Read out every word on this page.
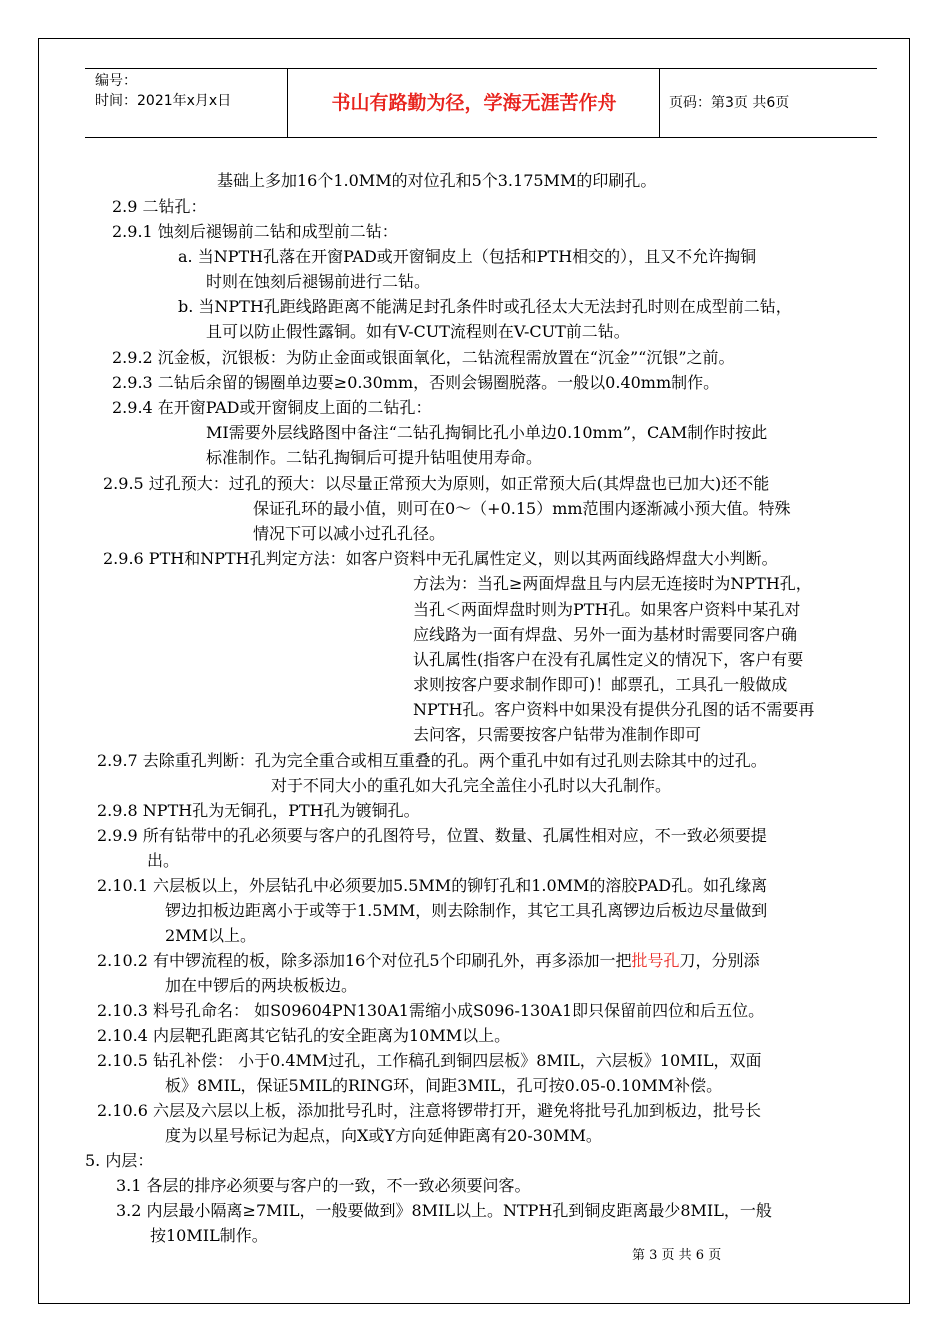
编号：
时间：2021年x月x日	书山有路勤为径，学海无涯苦作舟	页码：第3页 共6页
基础上多加16个1.0MM的对位孔和5个3.175MM的印刷孔。
2.9 二钻孔：
2.9.1 蚀刻后褪锡前二钻和成型前二钻：
a. 当NPTH孔落在开窗PAD或开窗铜皮上（包括和PTH相交的），且又不允许掏铜
时则在蚀刻后褪锡前进行二钻。
b. 当NPTH孔距线路距离不能满足封孔条件时或孔径太大无法封孔时则在成型前二钻，
且可以防止假性露铜。如有V-CUT流程则在V-CUT前二钻。
2.9.2 沉金板，沉银板：为防止金面或银面氧化，二钻流程需放置在“沉金”“沉银”之前。
2.9.3 二钻后余留的锡圈单边要≥0.30mm，否则会锡圈脱落。一般以0.40mm制作。
2.9.4 在开窗PAD或开窗铜皮上面的二钻孔：
MI需要外层线路图中备注“二钻孔掏铜比孔小单边0.10mm”，CAM制作时按此
标准制作。二钻孔掏铜后可提升钻咀使用寿命。
2.9.5 过孔预大：过孔的预大：以尽量正常预大为原则，如正常预大后(其焊盘也已加大)还不能
保证孔环的最小值，则可在0～（+0.15）mm范围内逐渐减小预大值。特殊
情况下可以减小过孔孔径。
2.9.6 PTH和NPTH孔判定方法：如客户资料中无孔属性定义，则以其两面线路焊盘大小判断。
方法为：当孔≥两面焊盘且与内层无连接时为NPTH孔，
当孔＜两面焊盘时则为PTH孔。如果客户资料中某孔对
应线路为一面有焊盘、另外一面为基材时需要同客户确
认孔属性(指客户在没有孔属性定义的情况下，客户有要
求则按客户要求制作即可)！邮票孔，工具孔一般做成
NPTH孔。客户资料中如果没有提供分孔图的话不需要再
去问客，只需要按客户钻带为准制作即可
2.9.7 去除重孔判断：孔为完全重合或相互重叠的孔。两个重孔中如有过孔则去除其中的过孔。
对于不同大小的重孔如大孔完全盖住小孔时以大孔制作。
2.9.8 NPTH孔为无铜孔，PTH孔为镀铜孔。
2.9.9 所有钻带中的孔必须要与客户的孔图符号，位置、数量、孔属性相对应，不一致必须要提
出。
2.10.1 六层板以上，外层钻孔中必须要加5.5MM的铆钉孔和1.0MM的溶胶PAD孔。如孔缘离
锣边扣板边距离小于或等于1.5MM，则去除制作，其它工具孔离锣边后板边尽量做到
2MM以上。
2.10.2 有中锣流程的板，除多添加16个对位孔5个印刷孔外，再多添加一把批号孔刀，分别添
加在中锣后的两块板板边。
2.10.3 料号孔命名： 如S09604PN130A1需缩小成S096-130A1即只保留前四位和后五位。
2.10.4 内层靶孔距离其它钻孔的安全距离为10MM以上。
2.10.5 钻孔补偿： 小于0.4MM过孔，工作稿孔到铜四层板》8MIL，六层板》10MIL，双面
板》8MIL，保证5MIL的RING环，间距3MIL，孔可按0.05-0.10MM补偿。
2.10.6 六层及六层以上板，添加批号孔时，注意将锣带打开，避免将批号孔加到板边，批号长
度为以星号标记为起点，向X或Y方向延伸距离有20-30MM。
5. 内层：
3.1 各层的排序必须要与客户的一致，不一致必须要问客。
3.2 内层最小隔离≥7MIL，一般要做到》8MIL以上。NTPH孔到铜皮距离最少8MIL，一般
按10MIL制作。
第 3 页 共 6 页
